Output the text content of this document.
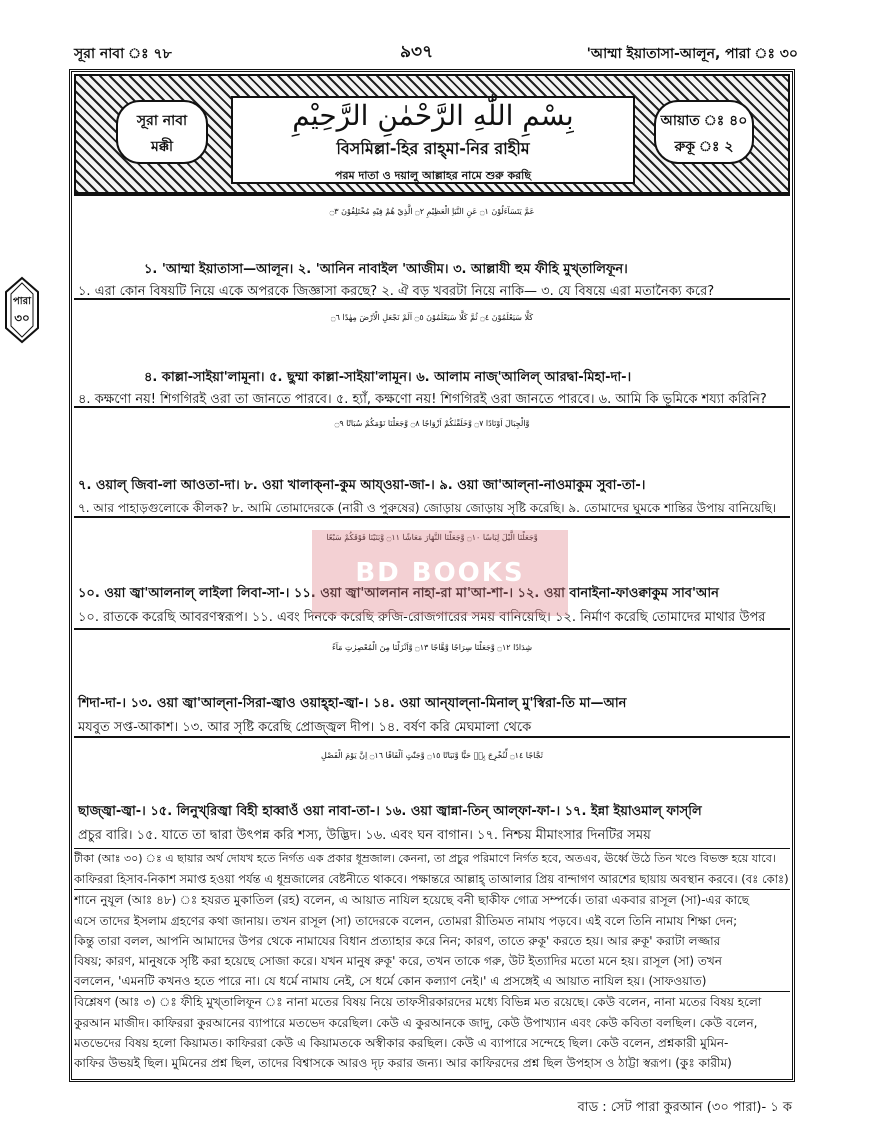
সূরা নাবা ঃ ৭৮	৯৩৭	'আম্মা ইয়াতাসা-আলূন, পারা ঃ ৩০
পারা
৩০
সূরা নাবা
মক্কী
بِسْمِ اللّٰهِ الرَّحْمٰنِ الرَّحِيْمِ
বিসমিল্লা-হির রাহ্‌মা-নির রাহীম
পরম দাতা ও দয়ালু আল্লাহর নামে শুরু করছি
আয়াত ঃ ৪০
রুকূ ঃ ২
عَمَّ يَتَسَآءَلُوْنَ ۝١ عَنِ النَّبَاِ الْعَظِيْمِ ۝٢ الَّذِيْ هُمْ فِيْهِ مُخْتَلِفُوْنَ ۝٣
১. 'আম্মা ইয়াতাসা—আলূন। ২. 'আনিন নাবাইল 'আজীম। ৩. আল্লাযী হুম ফীহি মুখ্‌তালিফূন।
১. এরা কোন বিষয়টি নিয়ে একে অপরকে জিজ্ঞাসা করছে? ২. ঐ বড় খবরটা নিয়ে নাকি— ৩. যে বিষয়ে এরা মতানৈক্য করে?
كَلَّا سَيَعْلَمُوْنَ ۝٤ ثُمَّ كَلَّا سَيَعْلَمُوْنَ ۝٥ اَلَمْ نَجْعَلِ الْاَرْضَ مِهٰدًا ۝٦
৪. কাল্লা-সাইয়া'লামূনা। ৫. ছুম্মা কাল্লা-সাইয়া'লামূন। ৬. আলাম নাজ্‌'আলিল্‌ আরদ্বা-মিহা-দা-।
৪. কক্ষণো নয়! শিগগিরই ওরা তা জানতে পারবে। ৫. হ্যাঁ, কক্ষণো নয়! শিগগিরই ওরা জানতে পারবে। ৬. আমি কি ভূমিকে শয্যা করিনি?
وَّالْجِبَالَ اَوْتَادًا ۝٧ وَّخَلَقْنٰكُمْ اَزْوَاجًا ۝٨ وَّجَعَلْنَا نَوْمَكُمْ سُبَاتًا ۝٩
৭. ওয়াল্‌ জিবা-লা আওতা-দা। ৮. ওয়া খালাক্‌না-কুম আয্‌ওয়া-জা-। ৯. ওয়া জা'আল্‌না-নাওমাকুম সুবা-তা-।
৭. আর পাহাড়গুলোকে কীলক? ৮. আমি তোমাদেরকে (নারী ও পুরুষের) জোড়ায় জোড়ায় সৃষ্টি করেছি। ৯. তোমাদের ঘুমকে শান্তির উপায় বানিয়েছি।
وَّجَعَلْنَا الَّيْلَ لِبَاسًا ۝١٠ وَّجَعَلْنَا النَّهَارَ مَعَاشًا ۝١١ وَّبَنَيْنَا فَوْقَكُمْ سَبْعًا
১০. ওয়া জ্বা'আলনাল্‌ লাইলা লিবা-সা-। ১১. ওয়া জ্বা'আলনান নাহা-রা মা'আ-শা-। ১২. ওয়া বানাইনা-ফাওক্বাকুম সাব'আন
১০. রাতকে করেছি আবরণস্বরূপ। ১১. এবং দিনকে করেছি রুজি-রোজগারের সময় বানিয়েছি। ১২. নির্মাণ করেছি তোমাদের মাথার উপর
شِدَادًا ۝١٢ وَّجَعَلْنَا سِرَاجًا وَّهَّاجًا ۝١٣ وَّاَنْزَلْنَا مِنَ الْمُعْصِرٰتِ مَآءً
শিদা-দা-। ১৩. ওয়া জ্বা'আল্‌না-সিরা-জ্বাও ওয়াহ্‌হা-জ্বা-। ১৪. ওয়া আন্‌যাল্‌না-মিনাল্‌ মু'স্বিরা-তি মা—আন
মযবুত সপ্ত-আকাশ। ১৩. আর সৃষ্টি করেছি প্রোজ্জ্বল দীপ। ১৪. বর্ষণ করি মেঘমালা থেকে
ثَجَّاجًا ۝١٤ لِّنُخْرِجَ بِهٖ حَبًّا وَّنَبَاتًا ۝١٥ وَّجَنّٰتٍ اَلْفَافًا ۝١٦ اِنَّ يَوْمَ الْفَصْلِ
ছাজ্জ্বা-জ্বা-। ১৫. লিনুখ্‌রিজ্বা বিহী হাব্বাওঁ ওয়া নাবা-তা-। ১৬. ওয়া জ্বান্না-তিন্‌ আল্‌ফা-ফা-। ১৭. ইন্না ইয়াওমাল্‌ ফাস্‌লি
প্রচুর বারি। ১৫. যাতে তা দ্বারা উৎপন্ন করি শস্য, উদ্ভিদ। ১৬. এবং ঘন বাগান। ১৭. নিশ্চয় মীমাংসার দিনটির সময়
BD BOOKS

টীকা (আঃ ৩০) ঃ এ ছায়ার অর্থ দোযখ হতে নির্গত এক প্রকার ধূম্রজাল। কেননা, তা প্রচুর পরিমাণে নির্গত হবে, অতএব, ঊর্ধ্বে উঠে তিন খণ্ডে বিভক্ত হয়ে যাবে।

কাফিররা হিসাব-নিকাশ সমাপ্ত হওয়া পর্যন্ত এ ধূম্রজালের বেষ্টনীতে থাকবে। পক্ষান্তরে আল্লাহ্‌ তাআলার প্রিয় বান্দাগণ আরশের ছায়ায় অবস্থান করবে। (বঃ কোঃ)

শানে নুযূল (আঃ ৪৮) ঃ হযরত মুকাতিল (রহ) বলেন, এ আয়াত নাযিল হয়েছে বনী ছাকীফ গোত্র সম্পর্কে। তারা একবার রাসূল (সা)-এর কাছে

এসে তাদের ইসলাম গ্রহণের কথা জানায়। তখন রাসূল (সা) তাদেরকে বলেন, তোমরা রীতিমত নামায পড়বে। এই বলে তিনি নামায শিক্ষা দেন;

কিন্তু তারা বলল, আপনি আমাদের উপর থেকে নামাযের বিধান প্রত্যাহার করে নিন; কারণ, তাতে রুকূ' করতে হয়। আর রুকূ' করাটা লজ্জার

বিষয়; কারণ, মানুষকে সৃষ্টি করা হয়েছে সোজা করে। যখন মানুষ রুকূ' করে, তখন তাকে গরু, উট ইত্যাদির মতো মনে হয়। রাসূল (সা) তখন

বললেন, 'এমনটি কখনও হতে পারে না। যে ধর্মে নামায নেই, সে ধর্মে কোন কল্যাণ নেই।' এ প্রসঙ্গেই এ আয়াত নাযিল হয়। (সাফওয়াত)

বিশ্লেষণ (আঃ ৩) ঃ ফীহি মুখ্‌তালিফূন ঃ নানা মতের বিষয় নিয়ে তাফসীরকারদের মধ্যে বিভিন্ন মত রয়েছে। কেউ বলেন, নানা মতের বিষয় হলো

কুরআন মাজীদ। কাফিররা কুরআনের ব্যাপারে মতভেদ করেছিল। কেউ এ কুরআনকে জাদু, কেউ উপাখ্যান এবং কেউ কবিতা বলছিল। কেউ বলেন,

মতভেদের বিষয় হলো কিয়ামত। কাফিররা কেউ এ কিয়ামতকে অস্বীকার করছিল। কেউ এ ব্যাপারে সন্দেহে ছিল। কেউ বলেন, প্রশ্নকারী মুমিন-

কাফির উভয়ই ছিল। মুমিনের প্রশ্ন ছিল, তাদের বিশ্বাসকে আরও দৃঢ় করার জন্য। আর কাফিরদের প্রশ্ন ছিল উপহাস ও ঠাট্টা স্বরূপ। (কুঃ কারীম)

বাড : সেট পারা কুরআন (৩০ পারা)- ১ ক
